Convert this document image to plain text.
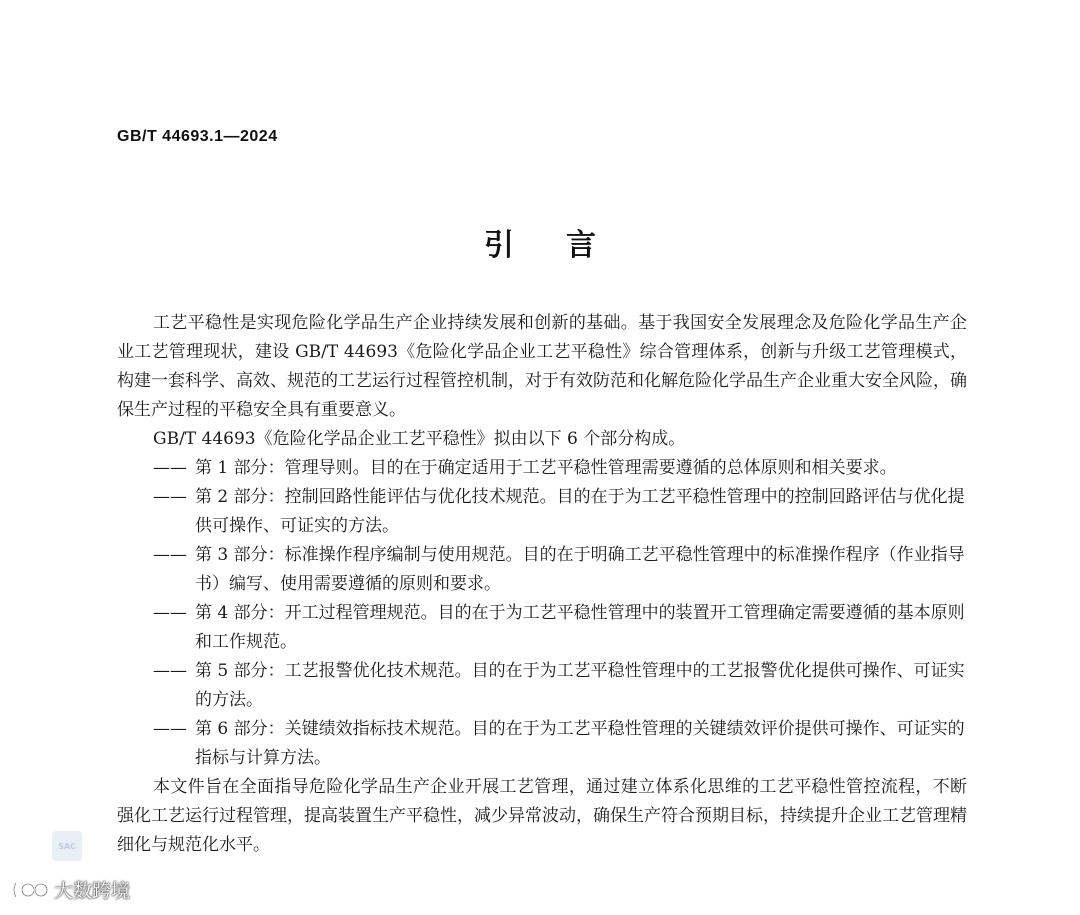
GB/T 44693.1—2024
引言

工艺平稳性是实现危险化学品生产企业持续发展和创新的基础。基于我国安全发展理念及危险化学品生产企业工艺管理现状，建设 GB/T 44693《危险化学品企业工艺平稳性》综合管理体系，创新与升级工艺管理模式，构建一套科学、高效、规范的工艺运行过程管控机制，对于有效防范和化解危险化学品生产企业重大安全风险，确保生产过程的平稳安全具有重要意义。

GB/T 44693《危险化学品企业工艺平稳性》拟由以下 6 个部分构成。

—— 第 1 部分：管理导则。目的在于确定适用于工艺平稳性管理需要遵循的总体原则和相关要求。
—— 第 2 部分：控制回路性能评估与优化技术规范。目的在于为工艺平稳性管理中的控制回路评估与优化提供可操作、可证实的方法。
—— 第 3 部分：标准操作程序编制与使用规范。目的在于明确工艺平稳性管理中的标准操作程序（作业指导书）编写、使用需要遵循的原则和要求。
—— 第 4 部分：开工过程管理规范。目的在于为工艺平稳性管理中的装置开工管理确定需要遵循的基本原则和工作规范。
—— 第 5 部分：工艺报警优化技术规范。目的在于为工艺平稳性管理中的工艺报警优化提供可操作、可证实的方法。
—— 第 6 部分：关键绩效指标技术规范。目的在于为工艺平稳性管理的关键绩效评价提供可操作、可证实的指标与计算方法。

本文件旨在全面指导危险化学品生产企业开展工艺管理，通过建立体系化思维的工艺平稳性管控流程，不断强化工艺运行过程管理，提高装置生产平稳性，减少异常波动，确保生产符合预期目标，持续提升企业工艺管理精细化与规范化水平。

SAC
大数跨境
